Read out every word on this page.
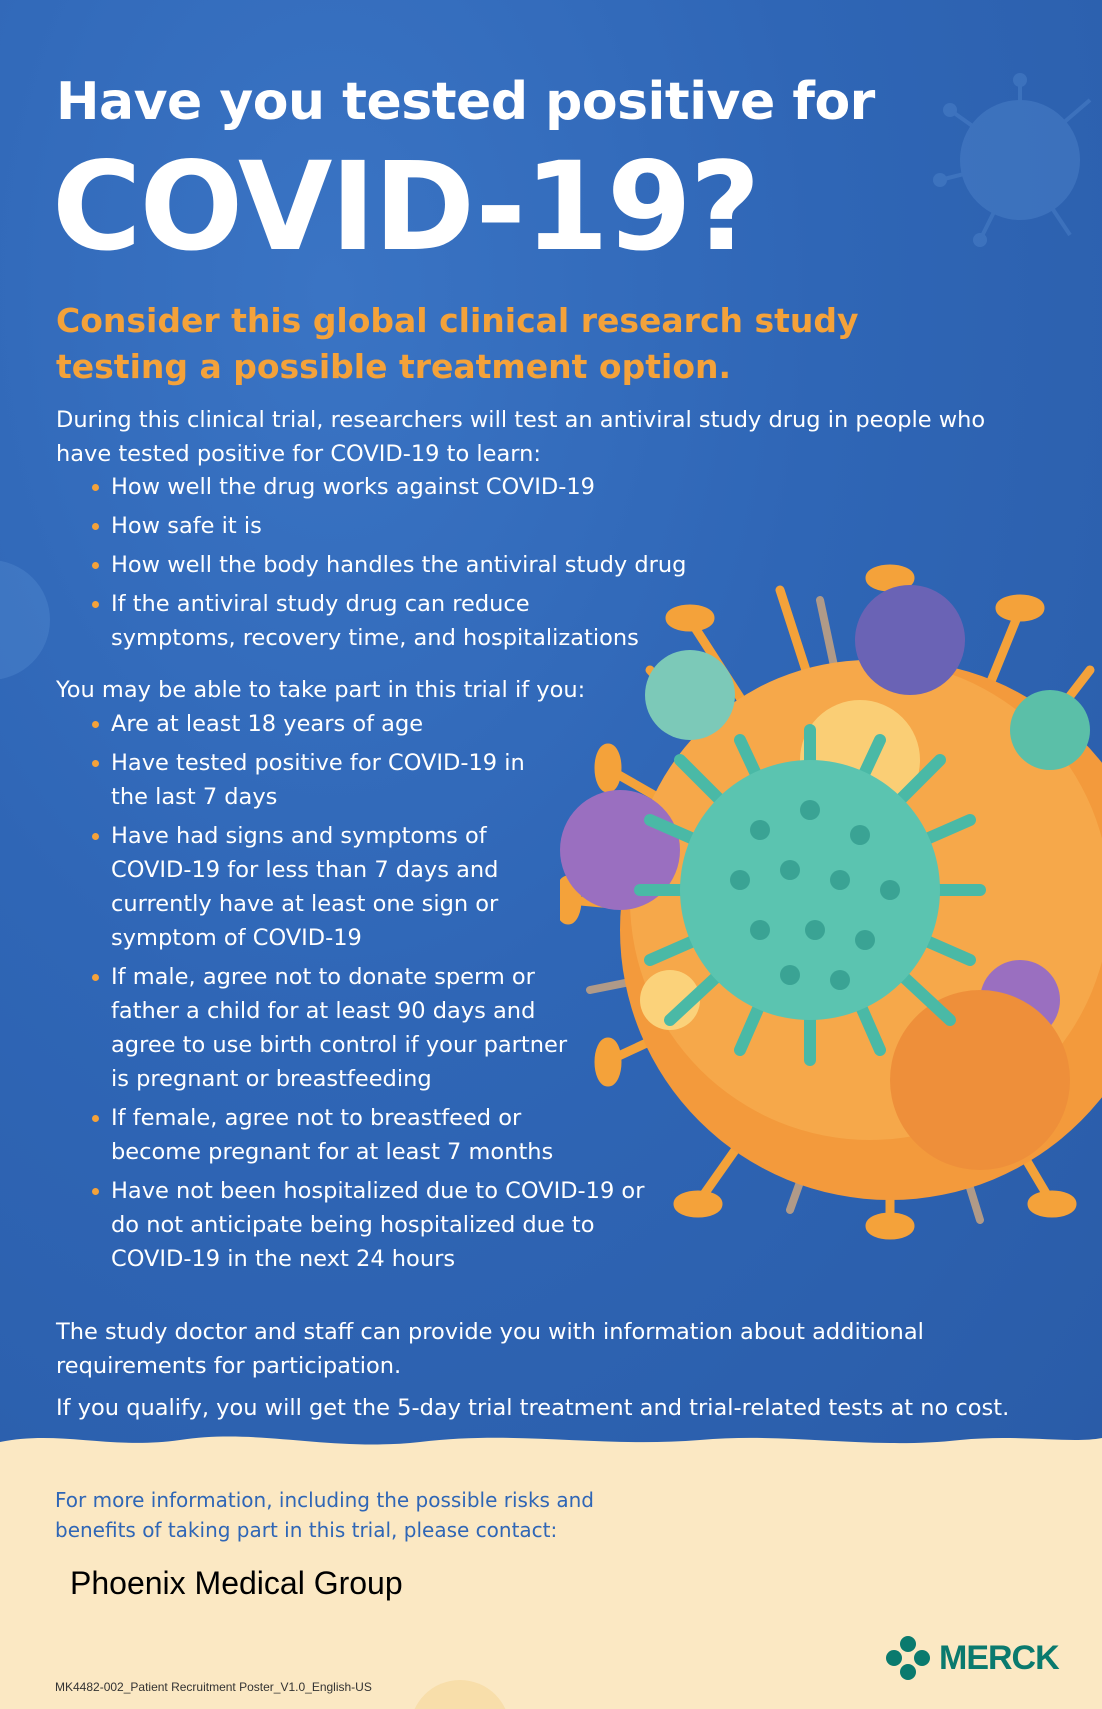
Have you tested positive for
COVID-19?
Consider this global clinical research study testing a possible treatment option.

During this clinical trial, researchers will test an antiviral study drug in people who have tested positive for COVID-19 to learn:

How well the drug works against COVID-19
How safe it is
How well the body handles the antiviral study drug
If the antiviral study drug can reduce symptoms, recovery time, and hospitalizations

You may be able to take part in this trial if you:

Are at least 18 years of age
Have tested positive for COVID-19 in the last 7 days
Have had signs and symptoms of COVID-19 for less than 7 days and currently have at least one sign or symptom of COVID-19
If male, agree not to donate sperm or father a child for at least 90 days and agree to use birth control if your partner is pregnant or breastfeeding
If female, agree not to breastfeed or become pregnant for at least 7 months
Have not been hospitalized due to COVID-19 or do not anticipate being hospitalized due to COVID-19 in the next 24 hours

The study doctor and staff can provide you with information about additional requirements for participation.

If you qualify, you will get the 5-day trial treatment and trial-related tests at no cost.

For more information, including the possible risks and benefits of taking part in this trial, please contact:
Phoenix Medical Group
MK4482-002_Patient Recruitment Poster_V1.0_English-US
MERCK
